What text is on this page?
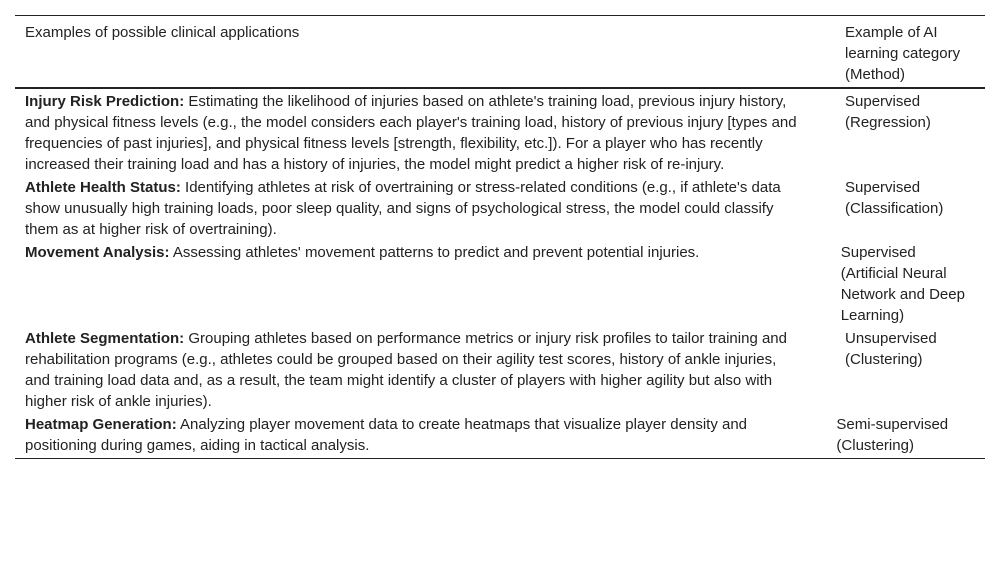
Examples of possible clinical applications	Example of AI learning category (Method)
Injury Risk Prediction: Estimating the likelihood of injuries based on athlete's training load, previous injury history, and physical fitness levels (e.g., the model considers each player's training load, history of previous injury [types and frequencies of past injuries], and physical fitness levels [strength, flexibility, etc.]). For a player who has recently increased their training load and has a history of injuries, the model might predict a higher risk of re-injury.
Supervised (Regression)
Athlete Health Status: Identifying athletes at risk of overtraining or stress-related conditions (e.g., if athlete's data show unusually high training loads, poor sleep quality, and signs of psychological stress, the model could classify them as at higher risk of overtraining).
Supervised (Classification)
Movement Analysis: Assessing athletes' movement patterns to predict and prevent potential injuries.	Supervised (Artificial Neural Network and Deep Learning)
Athlete Segmentation: Grouping athletes based on performance metrics or injury risk profiles to tailor training and rehabilitation programs (e.g., athletes could be grouped based on their agility test scores, history of ankle injuries, and training load data and, as a result, the team might identify a cluster of players with higher agility but also with higher risk of ankle injuries).
Unsupervised (Clustering)
Heatmap Generation: Analyzing player movement data to create heatmaps that visualize player density and positioning during games, aiding in tactical analysis.
Semi-supervised (Clustering)
